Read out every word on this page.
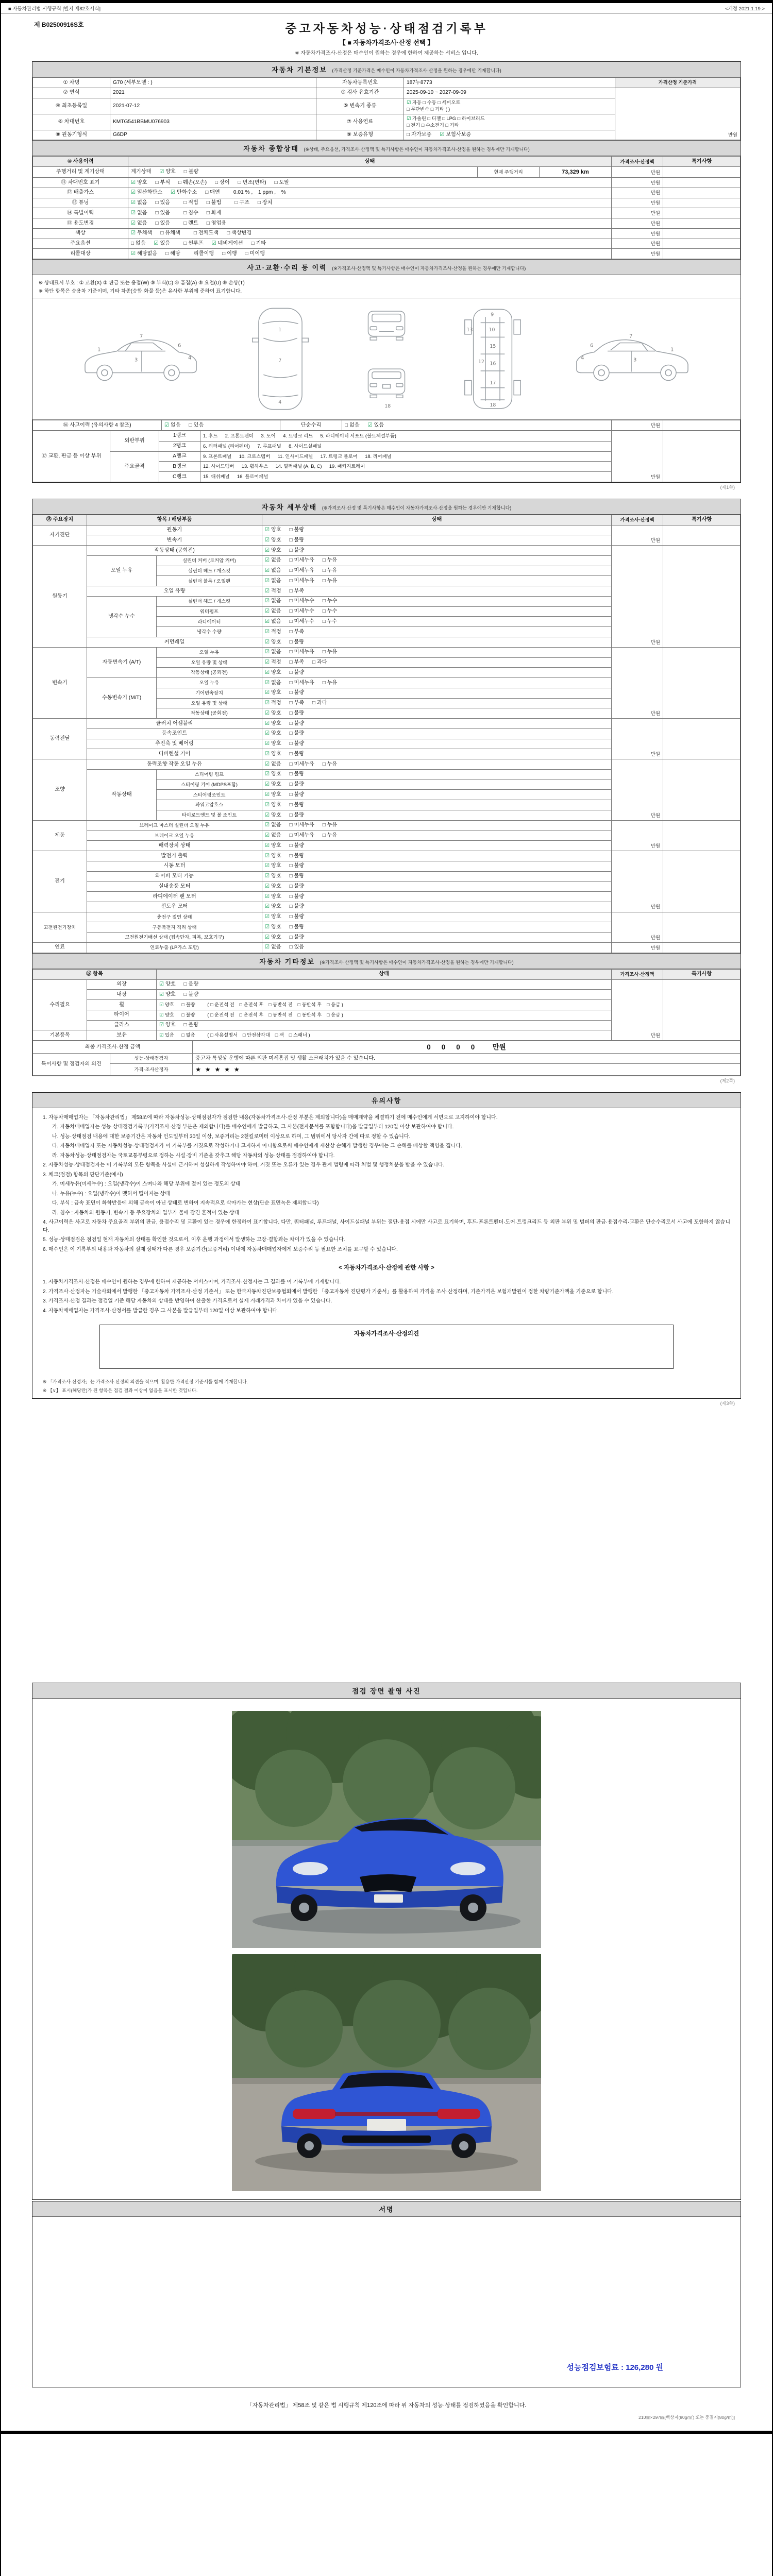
■ 자동차관리법 시행규칙 [별지 제82호서식]	<개정 2021.1.19.>
제 B02500916S호	중고자동차성능·상태점검기록부
【 ■ 자동차가격조사·산정 선택 】
※ 자동차가격조사·산정은 매수인이 원하는 경우에 한하여 제공하는 서비스 입니다.
자동차 기본정보 (가격산정 기준가격은 매수인이 자동차가격조사·산정을 원하는 경우에만 기재합니다)
① 차명	G70 (세부모델 : )	자동차등록번호	187누8773	가격산정 기준가격
② 연식	2021	③ 검사 유효기간	2025-09-10 ~ 2027-09-09	만원
④ 최초등록일	2021-07-12	⑤ 변속기 종류	☑ 자동 □ 수동 □ 세미오토
□ 무단변속 □ 기타 ( )	
⑥ 차대번호	KMTG541BBMU076903	⑦ 사용연료	☑ 가솔린 □ 디젤 □ LPG □ 하이브리드
□ 전기 □ 수소전기 □ 기타	
⑧ 원동기형식	G6DP	⑨ 보증유형	□ 자가보증   ☑ 보험사보증	
자동차 종합상태 (※상태, 주요옵션, 가격조사·산정액 및 특기사항은 매수인이 자동차가격조사·산정을 원하는 경우에만 기재합니다)
⑩ 사용이력	상태			가격조사·산정액	특기사항
주행거리 및 계기상태	계기상태   ☑ 양호   □ 불량	현재 주행거리	73,329 km	만원	
⑪ 차대번호 표기	☑ 양호   □ 부식   □ 훼손(오손)   □ 상이   □ 변조(변타)   □ 도말			만원	
⑫ 배출가스	☑ 일산화탄소   ☑ 탄화수소   □ 매연    0.01 % ,   1 ppm ,   %			만원	
⑬ 튜닝	☑ 없음   □ 있음    □ 적법   □ 불법    □ 구조   □ 장치			만원	
⑭ 특별이력	☑ 없음   □ 있음    □ 침수   □ 화재			만원	
⑮ 용도변경	☑ 없음   □ 있음    □ 렌트   □ 영업용			만원	
색상	☑ 무채색   □ 유채색    □ 전체도색   □ 색상변경			만원	
주요옵션	□ 없음   ☑ 있음    □ 썬루프   ☑ 네비게이션   □ 기타			만원	
리콜대상	☑ 해당없음   □ 해당    리콜이행   □ 이행   □ 미이행			만원	
사고·교환·수리 등 이력 (※가격조사·산정액 및 특기사항은 매수인이 자동차가격조사·산정을 원하는 경우에만 기재합니다)
※ 상태표시 부호 : ① 교환(X) ② 판금 또는 용접(W) ③ 부식(C) ④ 흠집(A) ⑤ 요철(U) ⑥ 손상(T)
※ 하단 항목은 승용차 기준이며, 기타 차종(승합·화물 등)은 유사한 부위에 준하여 표기합니다.
1
7
3
6
4
1
7
4
18
9
10
13
12
15
16
17
18
1
7
3
6
4
⑯ 사고이력 (유의사항 4 참조)	☑ 없음   □ 있음	단순수리	□ 없음   ☑ 있음	만원	
⑰ 교환, 판금 등 이상 부위	외판부위	1랭크	1. 후드   2. 프론트펜더   3. 도어   4. 트렁크 리드   5. 라디에이터 서포트 (볼트체결부품)	만원	
		2랭크	6. 쿼터패널 (리어펜더)   7. 루프패널   8. 사이드실패널		
	주요골격	A랭크	9. 프론트패널   10. 크로스멤버   11. 인사이드패널   17. 트렁크 플로어   18. 리어패널		
		B랭크	12. 사이드멤버   13. 휠하우스   14. 필러패널 (A, B, C)   19. 패키지트레이		
		C랭크	15. 대쉬패널   16. 플로어패널		
(제1쪽)
자동차 세부상태 (※가격조사·산정 및 특기사항은 매수인이 자동차가격조사·산정을 원하는 경우에만 기재합니다)
⑱ 주요장치	항목 / 해당부품		상태	가격조사·산정액	특기사항
자기진단	원동기		☑ 양호   □ 불량	만원	
	변속기		☑ 양호   □ 불량		
원동기	작동상태 (공회전)		☑ 양호   □ 불량	만원	
	오일 누유	실린더 커버 (로커암 커버)	☑ 없음   □ 미세누유   □ 누유		
		실린더 헤드 / 개스킷	☑ 없음   □ 미세누유   □ 누유		
		실린더 블록 / 오일팬	☑ 없음   □ 미세누유   □ 누유		
	오일 유량		☑ 적정   □ 부족		
	냉각수 누수	실린더 헤드 / 개스킷	☑ 없음   □ 미세누수   □ 누수		
		워터펌프	☑ 없음   □ 미세누수   □ 누수		
		라디에이터	☑ 없음   □ 미세누수   □ 누수		
		냉각수 수량	☑ 적정   □ 부족		
	커먼레일		☑ 양호   □ 불량		
변속기	자동변속기 (A/T)	오일 누유	☑ 없음   □ 미세누유   □ 누유	만원	
		오일 유량 및 상태	☑ 적정   □ 부족   □ 과다		
		작동상태 (공회전)	☑ 양호   □ 불량		
	수동변속기 (M/T)	오일 누유	☑ 없음   □ 미세누유   □ 누유		
		기어변속장치	☑ 양호   □ 불량		
		오일 유량 및 상태	☑ 적정   □ 부족   □ 과다		
		작동상태 (공회전)	☑ 양호   □ 불량		
동력전달	클러치 어셈블리		☑ 양호   □ 불량	만원	
	등속조인트		☑ 양호   □ 불량		
	추진축 및 베어링		☑ 양호   □ 불량		
	디퍼렌셜 기어		☑ 양호   □ 불량		
조향	동력조향 작동 오일 누유		☑ 없음   □ 미세누유   □ 누유	만원	
	작동상태	스티어링 펌프	☑ 양호   □ 불량		
		스티어링 기어 (MDPS포함)	☑ 양호   □ 불량		
		스티어링조인트	☑ 양호   □ 불량		
		파워고압호스	☑ 양호   □ 불량		
		타이로드엔드 및 볼 조인트	☑ 양호   □ 불량		
제동	브레이크 마스터 실린더 오일 누유		☑ 없음   □ 미세누유   □ 누유	만원	
	브레이크 오일 누유		☑ 없음   □ 미세누유   □ 누유		
	배력장치 상태		☑ 양호   □ 불량		
전기	발전기 출력		☑ 양호   □ 불량	만원	
	시동 모터		☑ 양호   □ 불량		
	와이퍼 모터 기능		☑ 양호   □ 불량		
	실내송풍 모터		☑ 양호   □ 불량		
	라디에이터 팬 모터		☑ 양호   □ 불량		
	윈도우 모터		☑ 양호   □ 불량		
고전원전기장치	충전구 절연 상태		☑ 양호   □ 불량	만원	
	구동축전지 격리 상태		☑ 양호   □ 불량		
	고전원전기배선 상태 (접속단자, 피복, 보호기구)		☑ 양호   □ 불량		
연료	연료누출 (LP가스 포함)		☑ 없음   □ 있음	만원	
자동차 기타정보 (※가격조사·산정액 및 특기사항은 매수인이 자동차가격조사·산정을 원하는 경우에만 기재합니다)
⑲ 항목		상태	가격조사·산정액	특기사항
수리필요	외장	☑ 양호   □ 불량	만원	
	내장	☑ 양호   □ 불량		
	휠	☑ 양호   □ 불량    ( □ 운전석 전   □ 운전석 후   □ 동반석 전   □ 동반석 후   □ 응급 )		
	타이어	☑ 양호   □ 불량    ( □ 운전석 전   □ 운전석 후   □ 동반석 전   □ 동반석 후   □ 응급 )		
	글라스	☑ 양호   □ 불량		
기본품목	보유	☑ 있음   □ 없음    ( □ 사용설명서   □ 안전삼각대   □ 잭   □ 스패너 )		
최종 가격조사·산정 금액		0   0   0   0    만원
특이사항 및 점검자의 의견	성능·상태점검자	중고차 특성상 운행에 따른 외판 미세흠집 및 생활 스크래치가 있을 수 있습니다.
	가격·조사산정자	★ ★ ★ ★ ★
(제2쪽)
유의사항

1. 자동차매매업자는 「자동차관리법」 제58조에 따라 자동차성능·상태점검자가 점검한 내용(자동차가격조사·산정 부분은 제외합니다)을 매매계약을 체결하기 전에 매수인에게 서면으로 고지하여야 합니다.

가. 자동차매매업자는 성능·상태점검기록부(가격조사·산정 부분은 제외합니다)를 매수인에게 발급하고, 그 사본(전자문서를 포함합니다)을 발급일부터 120일 이상 보관하여야 합니다.

나. 성능·상태점검 내용에 대한 보증기간은 자동차 인도일부터 30일 이상, 보증거리는 2천킬로미터 이상으로 하며, 그 범위에서 당사자 간에 따로 정할 수 있습니다.

다. 자동차매매업자 또는 자동차성능·상태점검자가 이 기록부를 거짓으로 작성하거나 고지하지 아니함으로써 매수인에게 재산상 손해가 발생한 경우에는 그 손해를 배상할 책임을 집니다.

라. 자동차성능·상태점검자는 국토교통부령으로 정하는 시설·장비 기준을 갖추고 해당 자동차의 성능·상태를 점검하여야 합니다.

2. 자동차성능·상태점검자는 이 기록부의 모든 항목을 사실에 근거하여 성실하게 작성하여야 하며, 거짓 또는 오류가 있는 경우 관계 법령에 따라 처벌 및 행정처분을 받을 수 있습니다.

3. 체크(점검) 항목의 판단기준(예시)

가. 미세누유(미세누수) : 오일(냉각수)이 스며나와 해당 부위에 젖어 있는 정도의 상태

나. 누유(누수) : 오일(냉각수)이 맺혀서 떨어지는 상태

다. 부식 : 금속 표면이 화학반응에 의해 금속이 아닌 상태로 변하여 지속적으로 삭아가는 현상(단순 표면녹은 제외합니다)

라. 침수 : 자동차의 원동기, 변속기 등 주요장치의 일부가 물에 잠긴 흔적이 있는 상태

4. 사고이력은 사고로 자동차 주요골격 부위의 판금, 용접수리 및 교환이 있는 경우에 한정하여 표기합니다. 다만, 쿼터패널, 루프패널, 사이드실패널 부위는 절단·용접 시에만 사고로 표기하며, 후드·프론트펜더·도어·트렁크리드 등 외판 부위 및 범퍼의 판금·용접수리·교환은 단순수리로서 사고에 포함하지 않습니다.

5. 성능·상태점검은 점검일 현재 자동차의 상태를 확인한 것으로서, 이후 운행 과정에서 발생하는 고장·결함과는 차이가 있을 수 있습니다.

6. 매수인은 이 기록부의 내용과 자동차의 실제 상태가 다른 경우 보증기간(보증거리) 이내에 자동차매매업자에게 보증수리 등 필요한 조치를 요구할 수 있습니다.

< 자동차가격조사·산정에 관한 사항 >

1. 자동차가격조사·산정은 매수인이 원하는 경우에 한하여 제공하는 서비스이며, 가격조사·산정자는 그 결과를 이 기록부에 기재합니다.

2. 가격조사·산정자는 기술사회에서 발행한 「중고자동차 가격조사·산정 기준서」 또는 한국자동차진단보증협회에서 발행한 「중고자동차 진단평가 기준서」를 활용하여 가격을 조사·산정하며, 기준가격은 보험개발원이 정한 차량기준가액을 기준으로 합니다.

3. 가격조사·산정 결과는 점검일 기준 해당 자동차의 상태를 반영하여 산출한 가격으로서 실제 거래가격과 차이가 있을 수 있습니다.

4. 자동차매매업자는 가격조사·산정서를 발급한 경우 그 사본을 발급일부터 120일 이상 보관하여야 합니다.

자동차가격조사·산정의견

※ 「가격조사·산정자」는 가격조사·산정의 의견을 적으며, 활용한 가격산정 기준서를 함께 기재합니다.

※ 【∨】 표시(해당란)가 된 항목은 점검 결과 이상이 없음을 표시한 것입니다.

(제3쪽)
점검 장면 촬영 사진
서명
성능점검보험료 : 126,280 원
「자동차관리법」 제58조 및 같은 법 시행규칙 제120조에 따라 위 자동차의 성능·상태를 점검하였음을 확인합니다.
210㎜×297㎜[백상지(80g/㎡) 또는 중질지(80g/㎡)]
